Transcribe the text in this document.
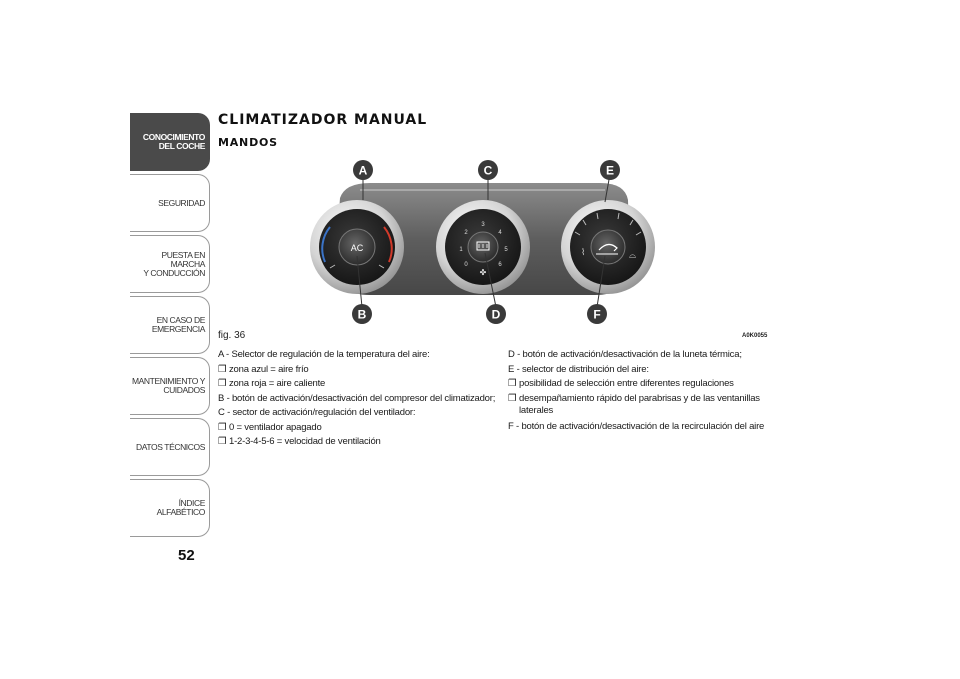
CONOCIMIENTO
DEL COCHE
SEGURIDAD
PUESTA EN MARCHA
Y CONDUCCIÓN
EN CASO DE
EMERGENCIA
MANTENIMIENTO Y
CUIDADOS
DATOS TÉCNICOS
ÍNDICE ALFABÉTICO
52
CLIMATIZADOR MANUAL
MANDOS
AC
0
1
2
3
4
5
6
✤
⌇	⌓
A	C	E
B	D	F
fig. 36	A0K0055
A - Selector de regulación de la temperatura del aire:
❒ zona azul = aire frío
❒ zona roja = aire caliente
B - botón de activación/desactivación del compresor del climatizador;
C - sector de activación/regulación del ventilador:
❒ 0 = ventilador apagado
❒ 1-2-3-4-5-6 = velocidad de ventilación
D - botón de activación/desactivación de la luneta térmica;
E - selector de distribución del aire:
❒ posibilidad de selección entre diferentes regulaciones
❒ desempañamiento rápido del parabrisas y de las ventanillas
laterales
F - botón de activación/desactivación de la recirculación del aire
